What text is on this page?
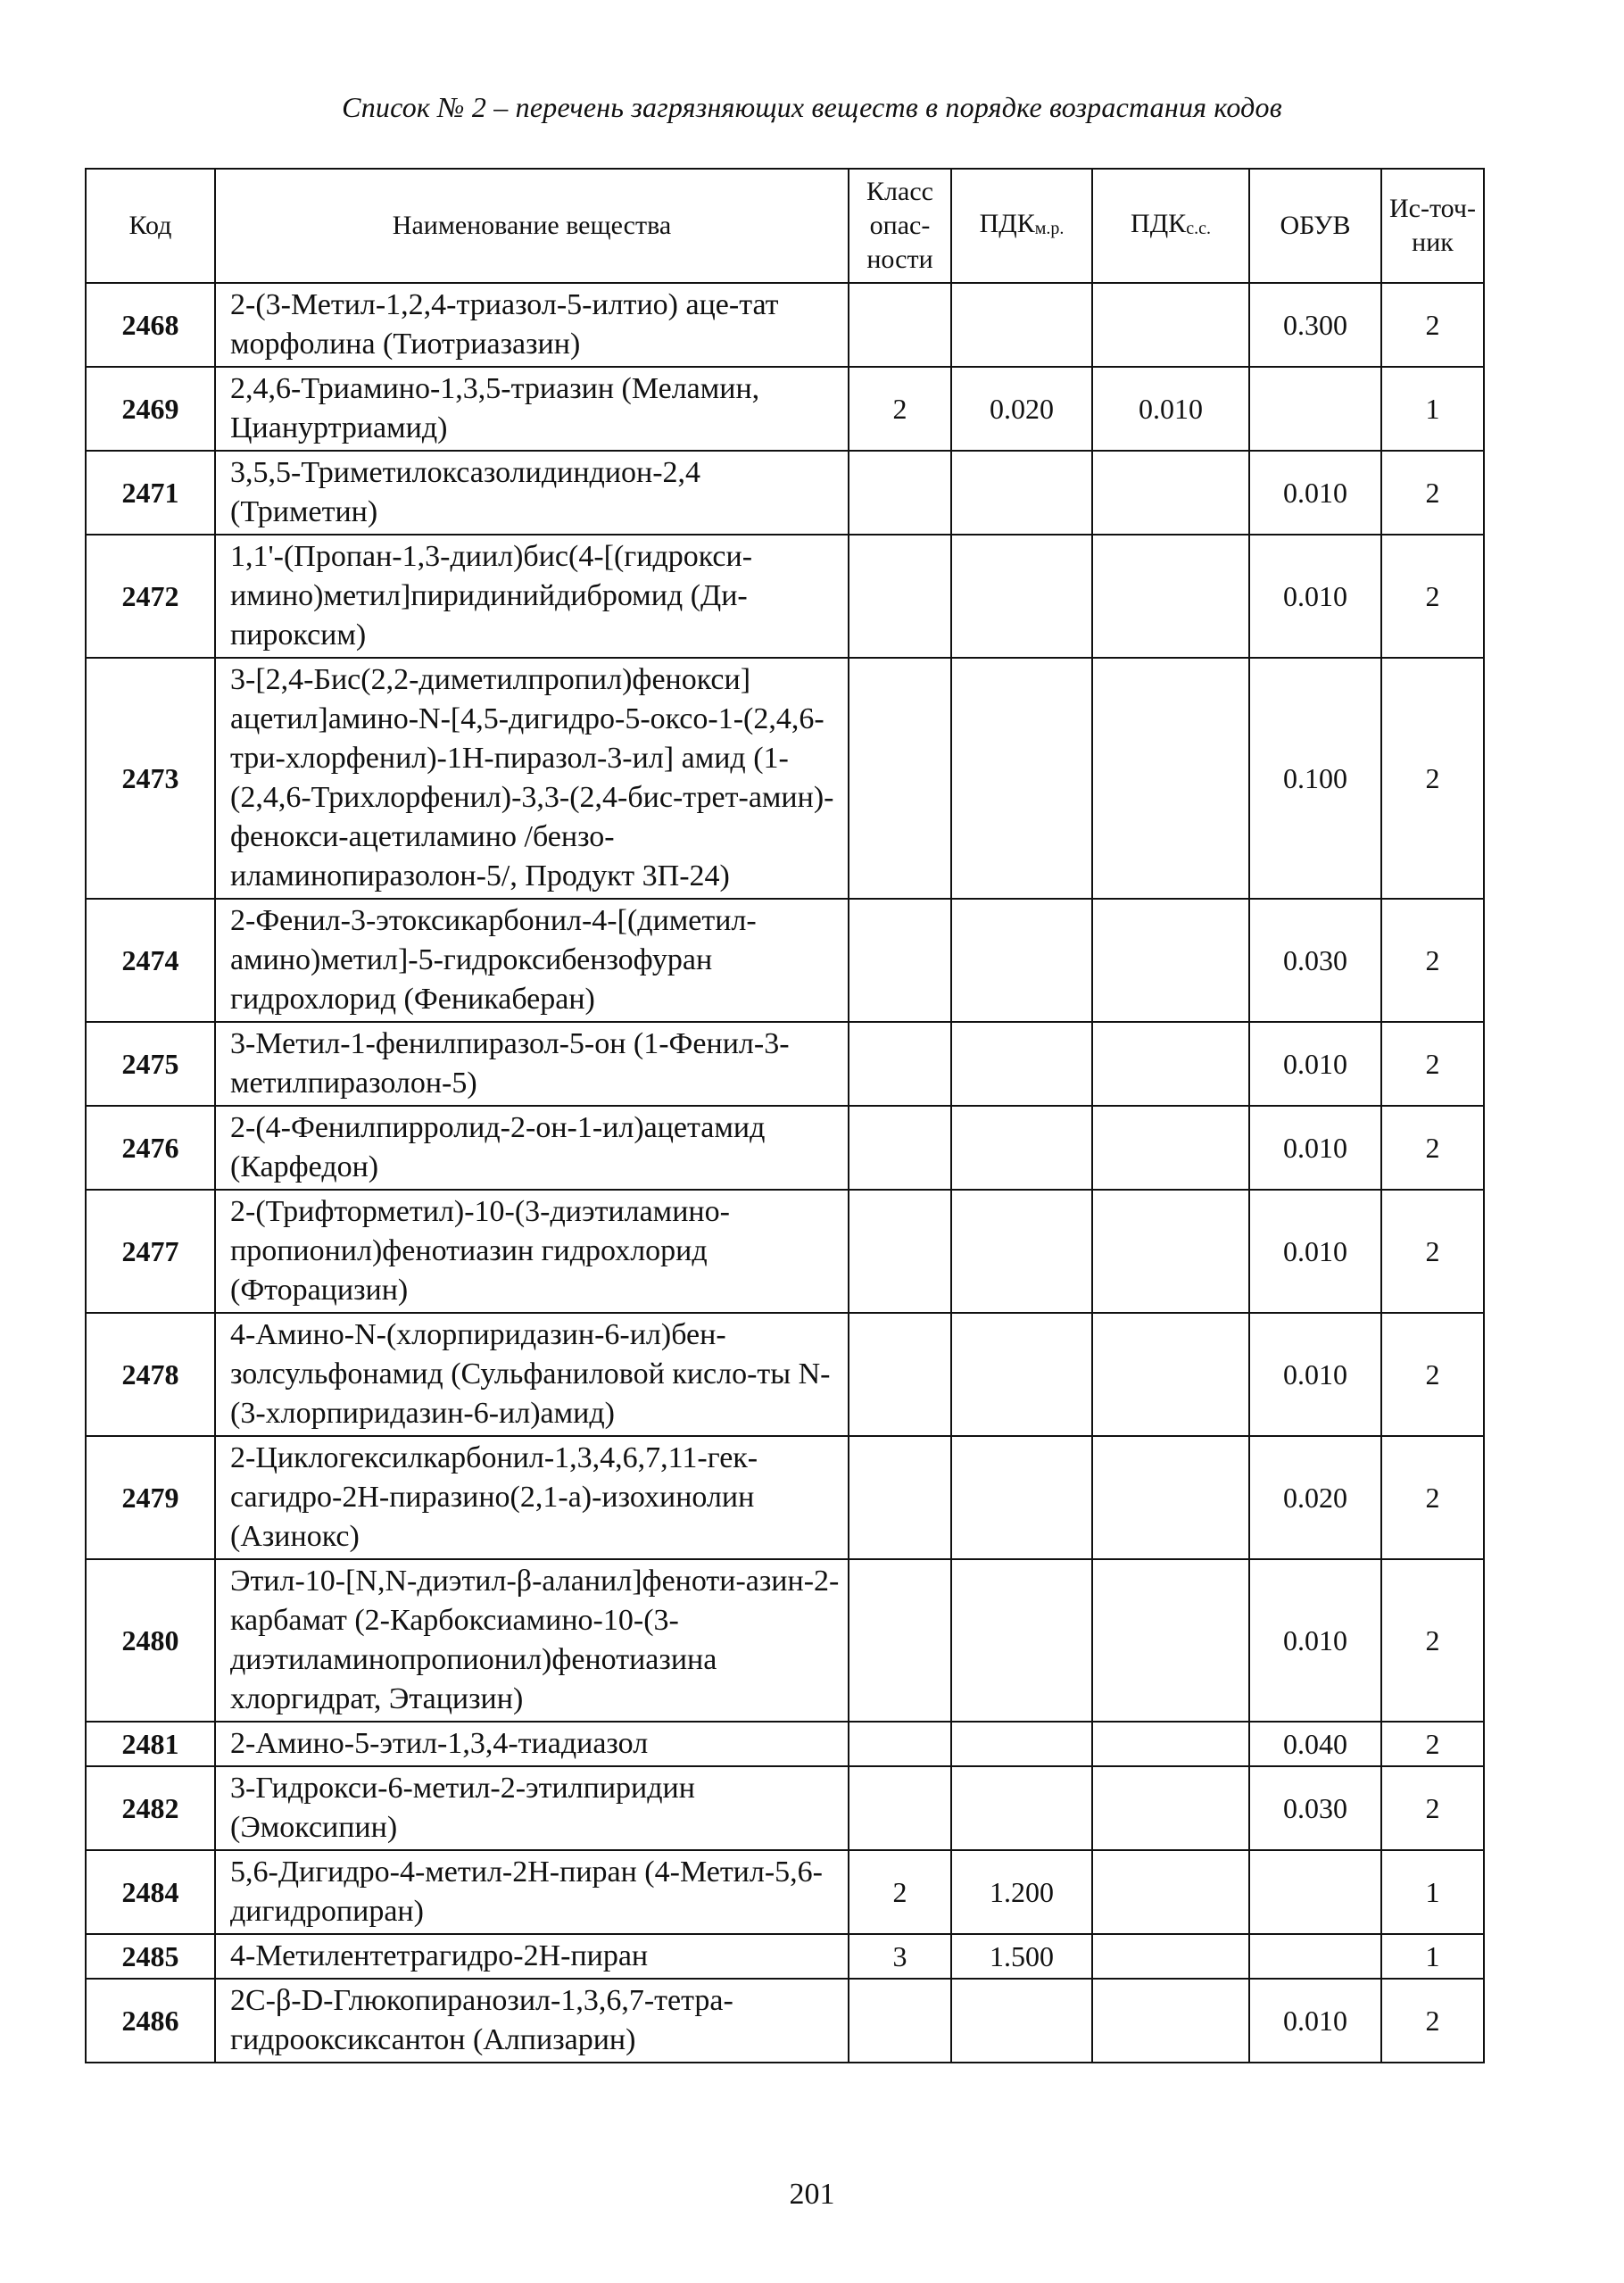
Список № 2 – перечень загрязняющих веществ в порядке возрастания кодов
Код	Наименование вещества	Класс опас-ности	ПДКм.р.	ПДКс.с.	ОБУВ	Ис-точ-ник
2468	2-(3-Метил-1,2,4-триазол-5-илтио) аце-тат морфолина (Тиотриазазин)				0.300	2
2469	2,4,6-Триамино-1,3,5-триазин (Меламин, Циануртриамид)	2	0.020	0.010		1
2471	3,5,5-Триметилоксазолидиндион-2,4 (Триметин)				0.010	2
2472	1,1'-(Пропан-1,3-диил)бис(4-[(гидрокси-имино)метил]пиридинийдибромид (Ди-пироксим)				0.010	2
2473	3-[2,4-Бис(2,2-диметилпропил)фенокси] ацетил]амино-N-[4,5-дигидро-5-оксо-1-(2,4,6-три-хлорфенил)-1Н-пиразол-3-ил] амид (1-(2,4,6-Трихлорфенил)-3,3-(2,4-бис-трет-амин)-фенокси-ацетиламино /бензо-иламинопиразолон-5/, Продукт 3П-24)				0.100	2
2474	2-Фенил-3-этоксикарбонил-4-[(диметил-амино)метил]-5-гидроксибензофуран гидрохлорид (Феникаберан)				0.030	2
2475	3-Метил-1-фенилпиразол-5-он (1-Фенил-3-метилпиразолон-5)				0.010	2
2476	2-(4-Фенилпирролид-2-он-1-ил)ацетамид (Карфедон)				0.010	2
2477	2-(Трифторметил)-10-(3-диэтиламино-пропионил)фенотиазин гидрохлорид (Фторацизин)				0.010	2
2478	4-Амино-N-(хлорпиридазин-6-ил)бен-золсульфонамид (Сульфаниловой кисло-ты N-(3-хлорпиридазин-6-ил)амид)				0.010	2
2479	2-Циклогексилкарбонил-1,3,4,6,7,11-гек-сагидро-2Н-пиразино(2,1-а)-изохинолин (Азинокс)				0.020	2
2480	Этил-10-[N,N-диэтил-β-аланил]феноти-азин-2-карбамат (2-Карбоксиамино-10-(3-диэтиламинопропионил)фенотиазина хлоргидрат, Этацизин)				0.010	2
2481	2-Амино-5-этил-1,3,4-тиадиазол				0.040	2
2482	3-Гидрокси-6-метил-2-этилпиридин (Эмоксипин)				0.030	2
2484	5,6-Дигидро-4-метил-2Н-пиран (4-Метил-5,6-дигидропиран)	2	1.200			1
2485	4-Метилентетрагидро-2Н-пиран	3	1.500			1
2486	2С-β-D-Глюкопиранозил-1,3,6,7-тетра-гидрооксиксантон (Алпизарин)				0.010	2
201
